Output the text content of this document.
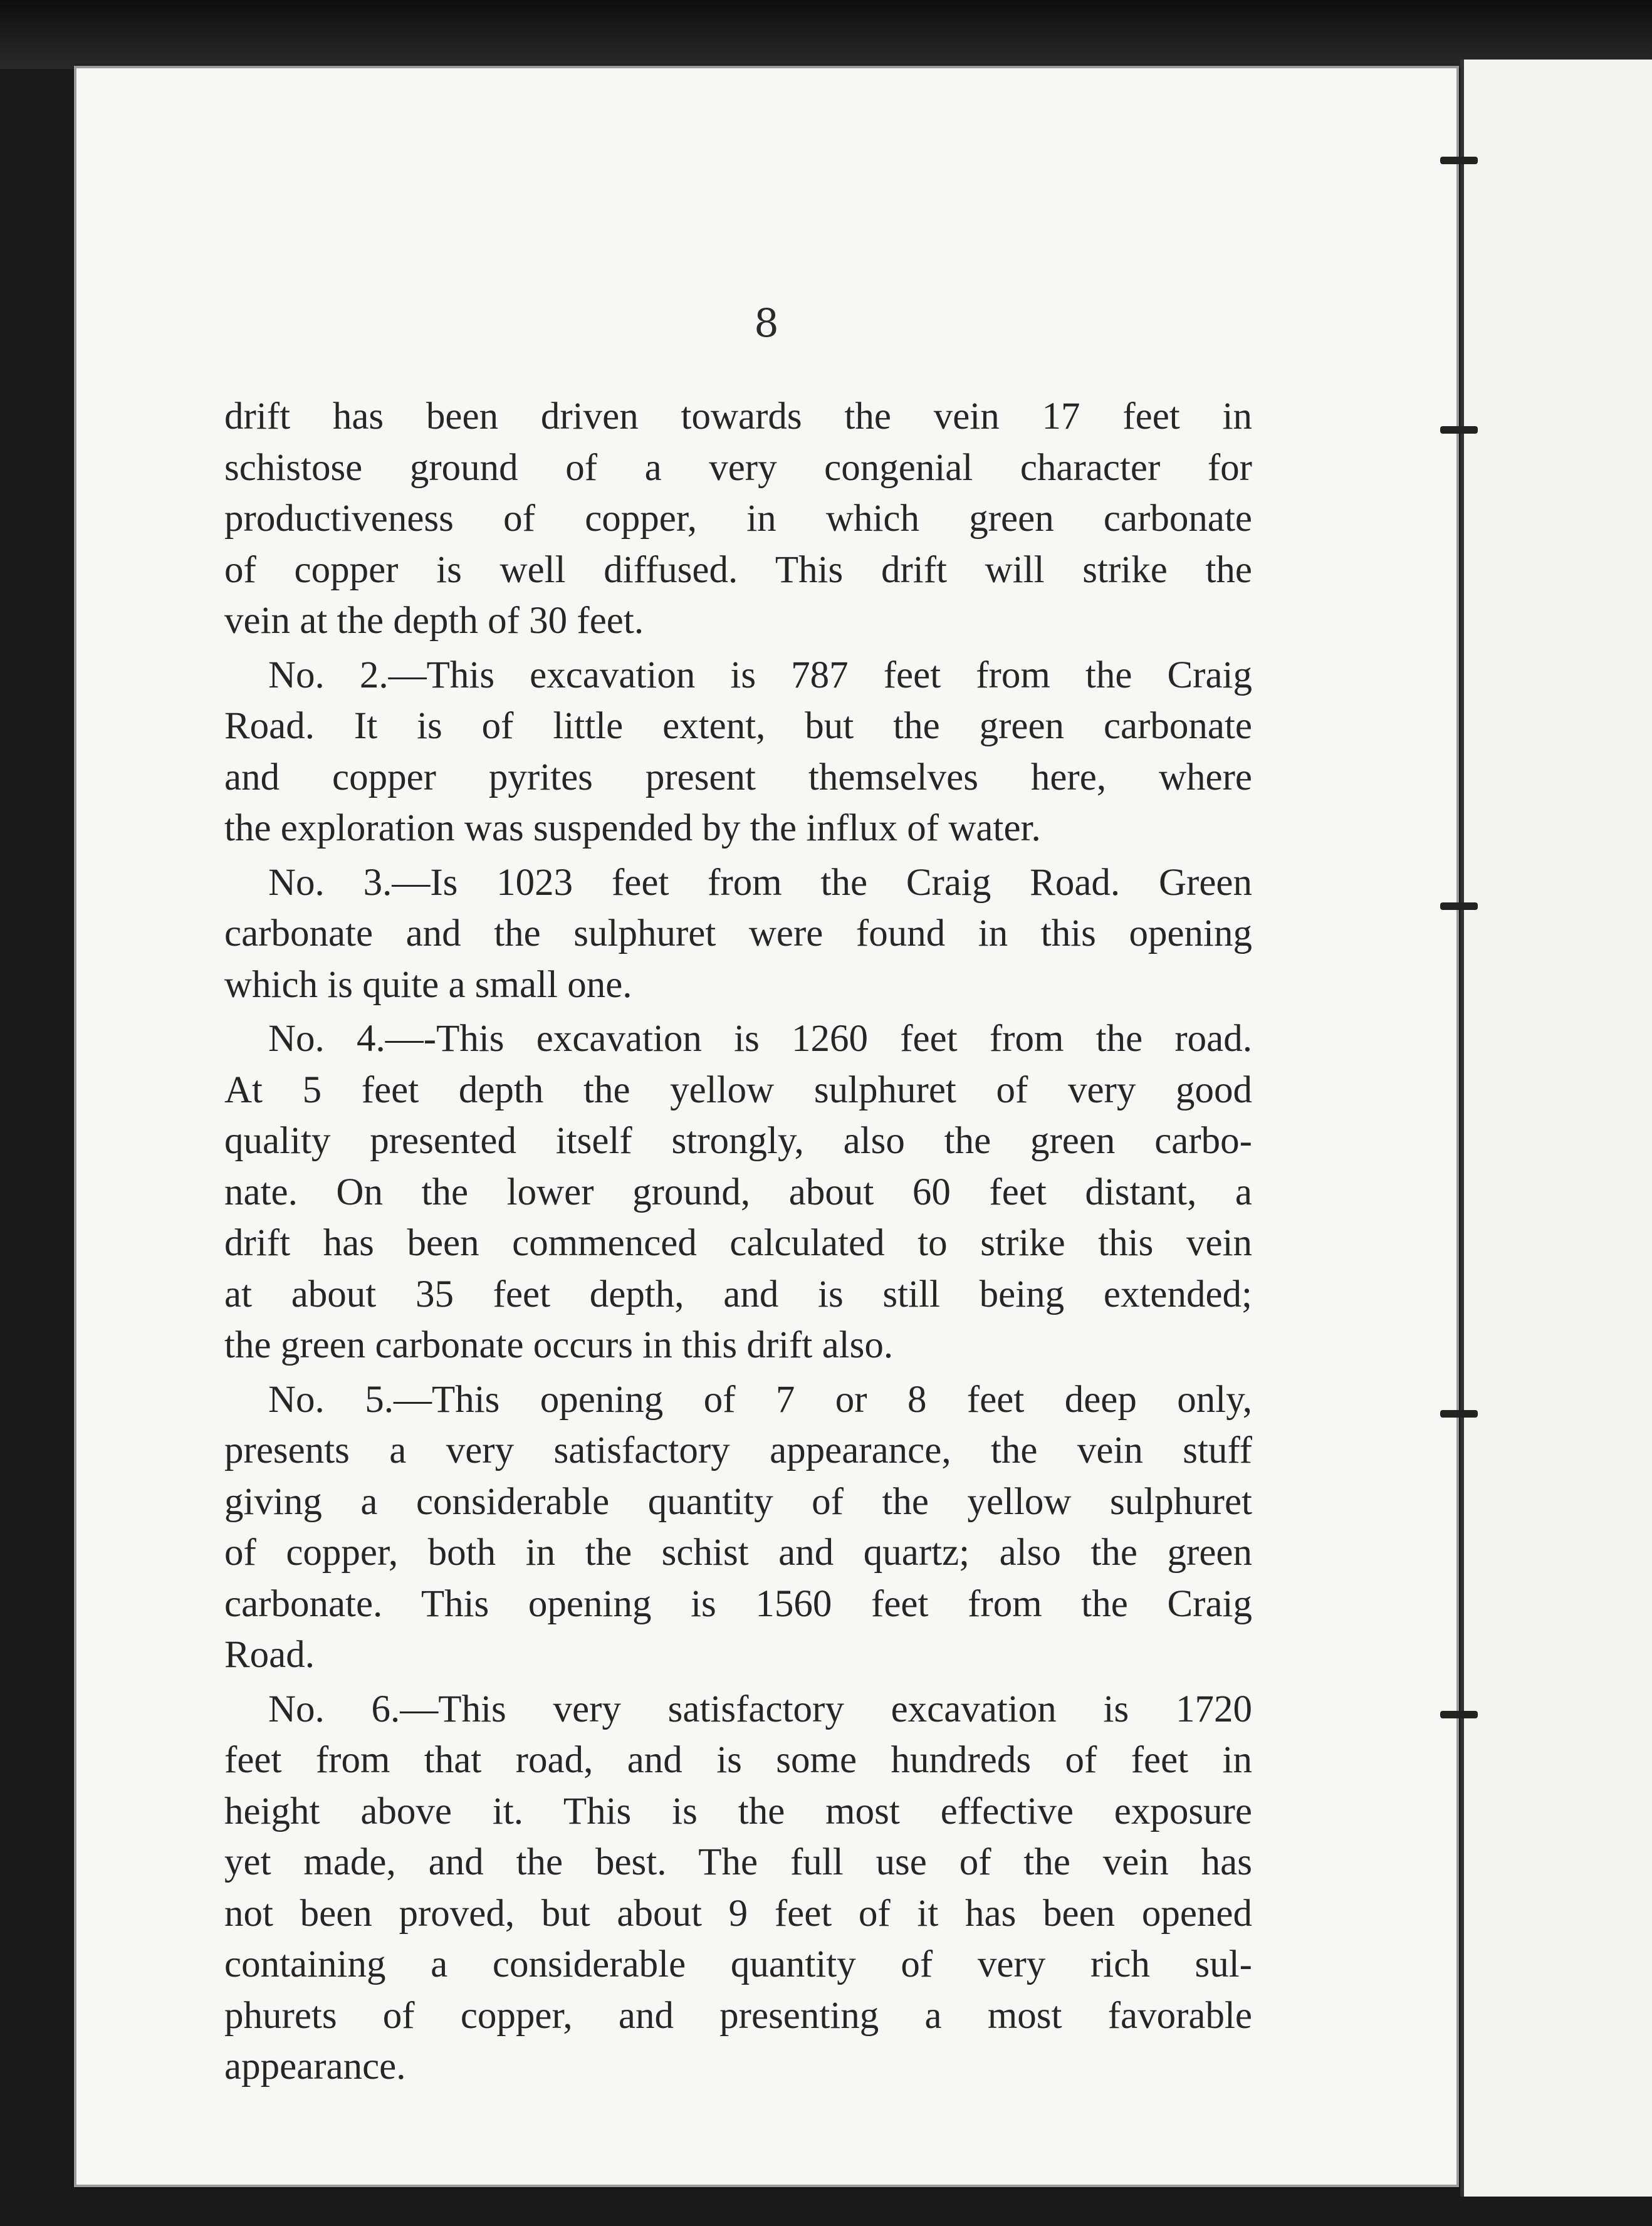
8
drift has been driven towards the vein 17 feet in
schistose ground of a very congenial character for
productiveness of copper, in which green carbonate
of copper is well diffused. This drift will strike the
vein at the depth of 30 feet.
No. 2.—This excavation is 787 feet from the Craig
Road. It is of little extent, but the green carbonate
and copper pyrites present themselves here, where
the exploration was suspended by the influx of water.
No. 3.—Is 1023 feet from the Craig Road. Green
carbonate and the sulphuret were found in this opening
which is quite a small one.
No. 4.—-This excavation is 1260 feet from the road.
At 5 feet depth the yellow sulphuret of very good
quality presented itself strongly, also the green carbo-
nate. On the lower ground, about 60 feet distant, a
drift has been commenced calculated to strike this vein
at about 35 feet depth, and is still being extended;
the green carbonate occurs in this drift also.
No. 5.—This opening of 7 or 8 feet deep only,
presents a very satisfactory appearance, the vein stuff
giving a considerable quantity of the yellow sulphuret
of copper, both in the schist and quartz; also the green
carbonate. This opening is 1560 feet from the Craig
Road.
No. 6.—This very satisfactory excavation is 1720
feet from that road, and is some hundreds of feet in
height above it. This is the most effective exposure
yet made, and the best. The full use of the vein has
not been proved, but about 9 feet of it has been opened
containing a considerable quantity of very rich sul-
phurets of copper, and presenting a most favorable
appearance.
